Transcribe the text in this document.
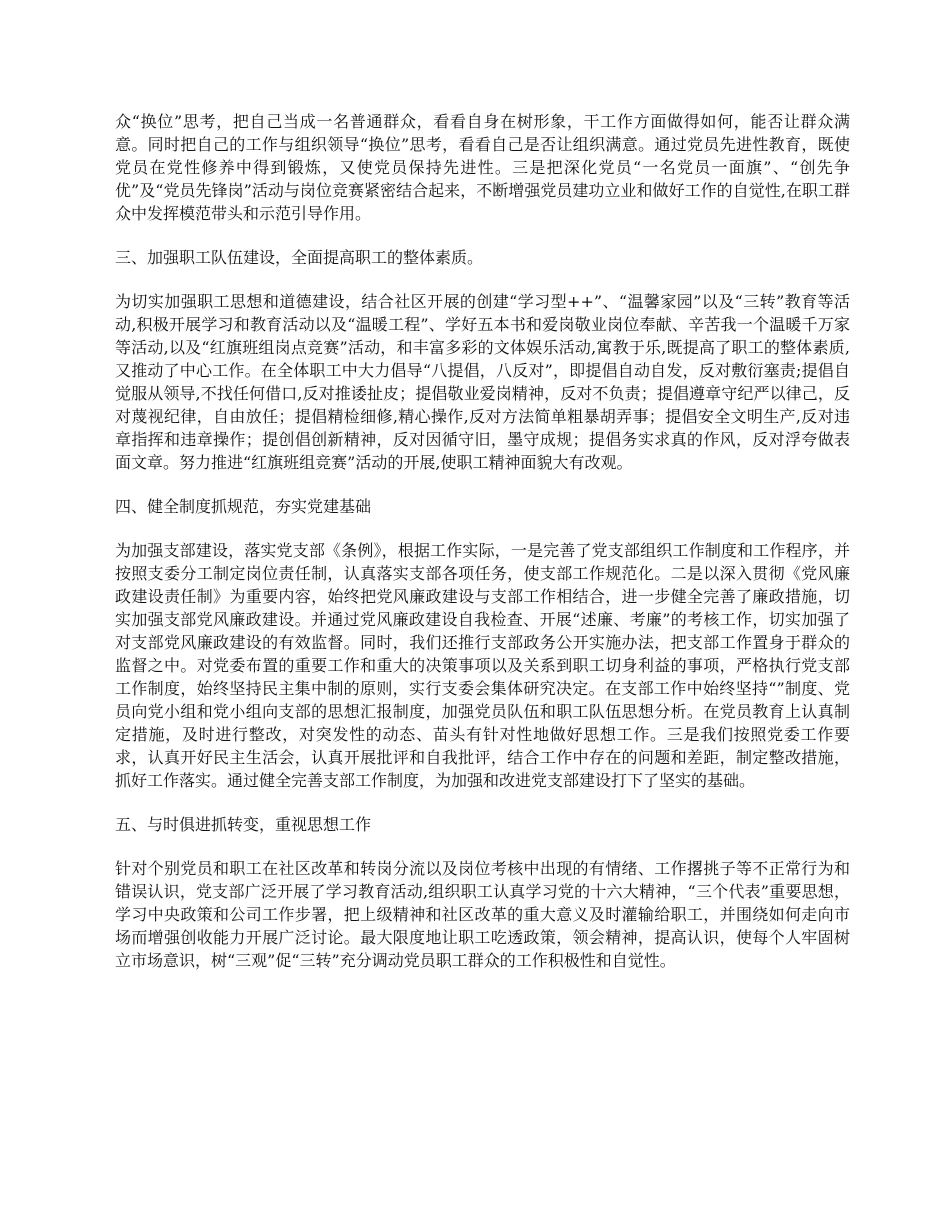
众“换位”思考，把自己当成一名普通群众，看看自身在树形象，干工作方面做得如何，能否让群众满意。同时把自己的工作与组织领导“换位”思考，看看自己是否让组织满意。通过党员先进性教育，既使党员在党性修养中得到锻炼，又使党员保持先进性。三是把深化党员“一名党员一面旗”、“创先争优”及“党员先锋岗”活动与岗位竞赛紧密结合起来，不断增强党员建功立业和做好工作的自觉性,在职工群众中发挥模范带头和示范引导作用。

三、加强职工队伍建设，全面提高职工的整体素质。

为切实加强职工思想和道德建设，结合社区开展的创建“学习型++”、“温馨家园”以及“三转”教育等活动,积极开展学习和教育活动以及“温暖工程”、学好五本书和爱岗敬业岗位奉献、辛苦我一个温暖千万家等活动,以及“红旗班组岗点竞赛”活动，和丰富多彩的文体娱乐活动,寓教于乐,既提高了职工的整体素质,又推动了中心工作。在全体职工中大力倡导“八提倡，八反对”，即提倡自动自发，反对敷衍塞责;提倡自觉服从领导,不找任何借口,反对推诿扯皮；提倡敬业爱岗精神，反对不负责；提倡遵章守纪严以律己，反对蔑视纪律，自由放任；提倡精检细修,精心操作,反对方法简单粗暴胡弄事；提倡安全文明生产,反对违章指挥和违章操作；提创倡创新精神，反对因循守旧，墨守成规；提倡务实求真的作风，反对浮夸做表面文章。努力推进“红旗班组竞赛”活动的开展,使职工精神面貌大有改观。

四、健全制度抓规范，夯实党建基础

为加强支部建设，落实党支部《条例》，根据工作实际，一是完善了党支部组织工作制度和工作程序，并按照支委分工制定岗位责任制，认真落实支部各项任务，使支部工作规范化。二是以深入贯彻《党风廉政建设责任制》为重要内容，始终把党风廉政建设与支部工作相结合，进一步健全完善了廉政措施，切实加强支部党风廉政建设。并通过党风廉政建设自我检查、开展“述廉、考廉”的考核工作，切实加强了对支部党风廉政建设的有效监督。同时，我们还推行支部政务公开实施办法，把支部工作置身于群众的监督之中。对党委布置的重要工作和重大的决策事项以及关系到职工切身利益的事项，严格执行党支部工作制度，始终坚持民主集中制的原则，实行支委会集体研究决定。在支部工作中始终坚持“”制度、党员向党小组和党小组向支部的思想汇报制度，加强党员队伍和职工队伍思想分析。在党员教育上认真制定措施，及时进行整改，对突发性的动态、苗头有针对性地做好思想工作。三是我们按照党委工作要求，认真开好民主生活会，认真开展批评和自我批评，结合工作中存在的问题和差距，制定整改措施，抓好工作落实。通过健全完善支部工作制度，为加强和改进党支部建设打下了坚实的基础。

五、与时俱进抓转变，重视思想工作

针对个别党员和职工在社区改革和转岗分流以及岗位考核中出现的有情绪、工作撂挑子等不正常行为和错误认识，党支部广泛开展了学习教育活动,组织职工认真学习党的十六大精神，“三个代表”重要思想，学习中央政策和公司工作步署，把上级精神和社区改革的重大意义及时灌输给职工，并围绕如何走向市场而增强创收能力开展广泛讨论。最大限度地让职工吃透政策，领会精神，提高认识，使每个人牢固树立市场意识，树“三观”促“三转”充分调动党员职工群众的工作积极性和自觉性。
